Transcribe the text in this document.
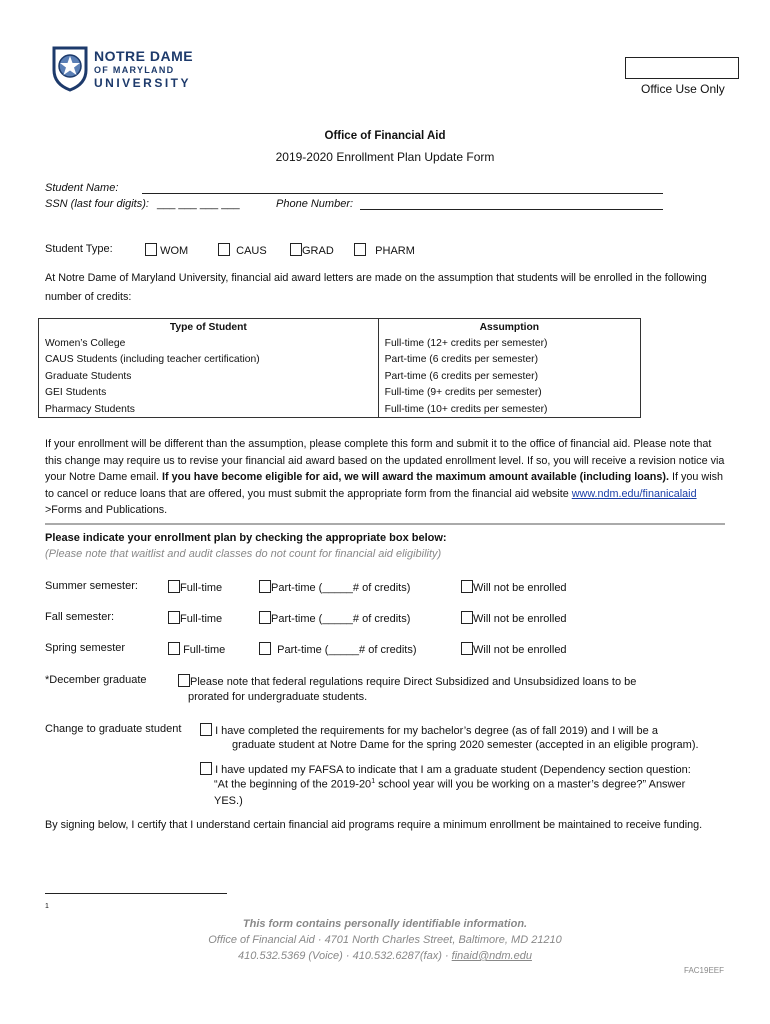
NOTRE DAME
OF MARYLAND
UNIVERSITY	Office Use Only
Office of Financial Aid
2019-2020 Enrollment Plan Update Form
Student Name:
SSN (last four digits): ___ ___ ___ ___	Phone Number:
Student Type:	WOM	CAUS	GRAD	PHARM
At Notre Dame of Maryland University, financial aid award letters are made on the assumption that students will be enrolled in the following number of credits:
Type of Student	Assumption
Women’s College	Full-time (12+ credits per semester)
CAUS Students (including teacher certification)	Part-time (6 credits per semester)
Graduate Students	Part-time (6 credits per semester)
GEI Students	Full-time (9+ credits per semester)
Pharmacy Students	Full-time (10+ credits per semester)
If your enrollment will be different than the assumption, please complete this form and submit it to the office of financial aid. Please note that this change may require us to revise your financial aid award based on the updated enrollment level. If so, you will receive a revision notice via your Notre Dame email. If you have become eligible for aid, we will award the maximum amount available (including loans). If you wish to cancel or reduce loans that are offered, you must submit the appropriate form from the financial aid website www.ndm.edu/finanicalaid >Forms and Publications.
Please indicate your enrollment plan by checking the appropriate box below:
(Please note that waitlist and audit classes do not count for financial aid eligibility)
Summer semester:	Full-time	Part-time (_____# of credits)	Will not be enrolled
Fall semester:	Full-time	Part-time (_____# of credits)	Will not be enrolled
Spring semester	Full-time	Part-time (_____# of credits)	Will not be enrolled
*December graduate	Please note that federal regulations require Direct Subsidized and Unsubsidized loans to be
prorated for undergraduate students.
Change to graduate student	I have completed the requirements for my bachelor’s degree (as of fall 2019) and I will be a
graduate student at Notre Dame for the spring 2020 semester (accepted in an eligible program).
I have updated my FAFSA to indicate that I am a graduate student (Dependency section question:
“At the beginning of the $2019-20^1$ school year will you be working on a master’s degree?” Answer
YES.)
By signing below, I certify that I understand certain financial aid programs require a minimum enrollment be maintained to receive funding.
1
This form contains personally identifiable information.
Office of Financial Aid · 4701 North Charles Street, Baltimore, MD 21210
410.532.5369 (Voice) · 410.532.6287(fax) · finaid@ndm.edu
FAC19EEF
